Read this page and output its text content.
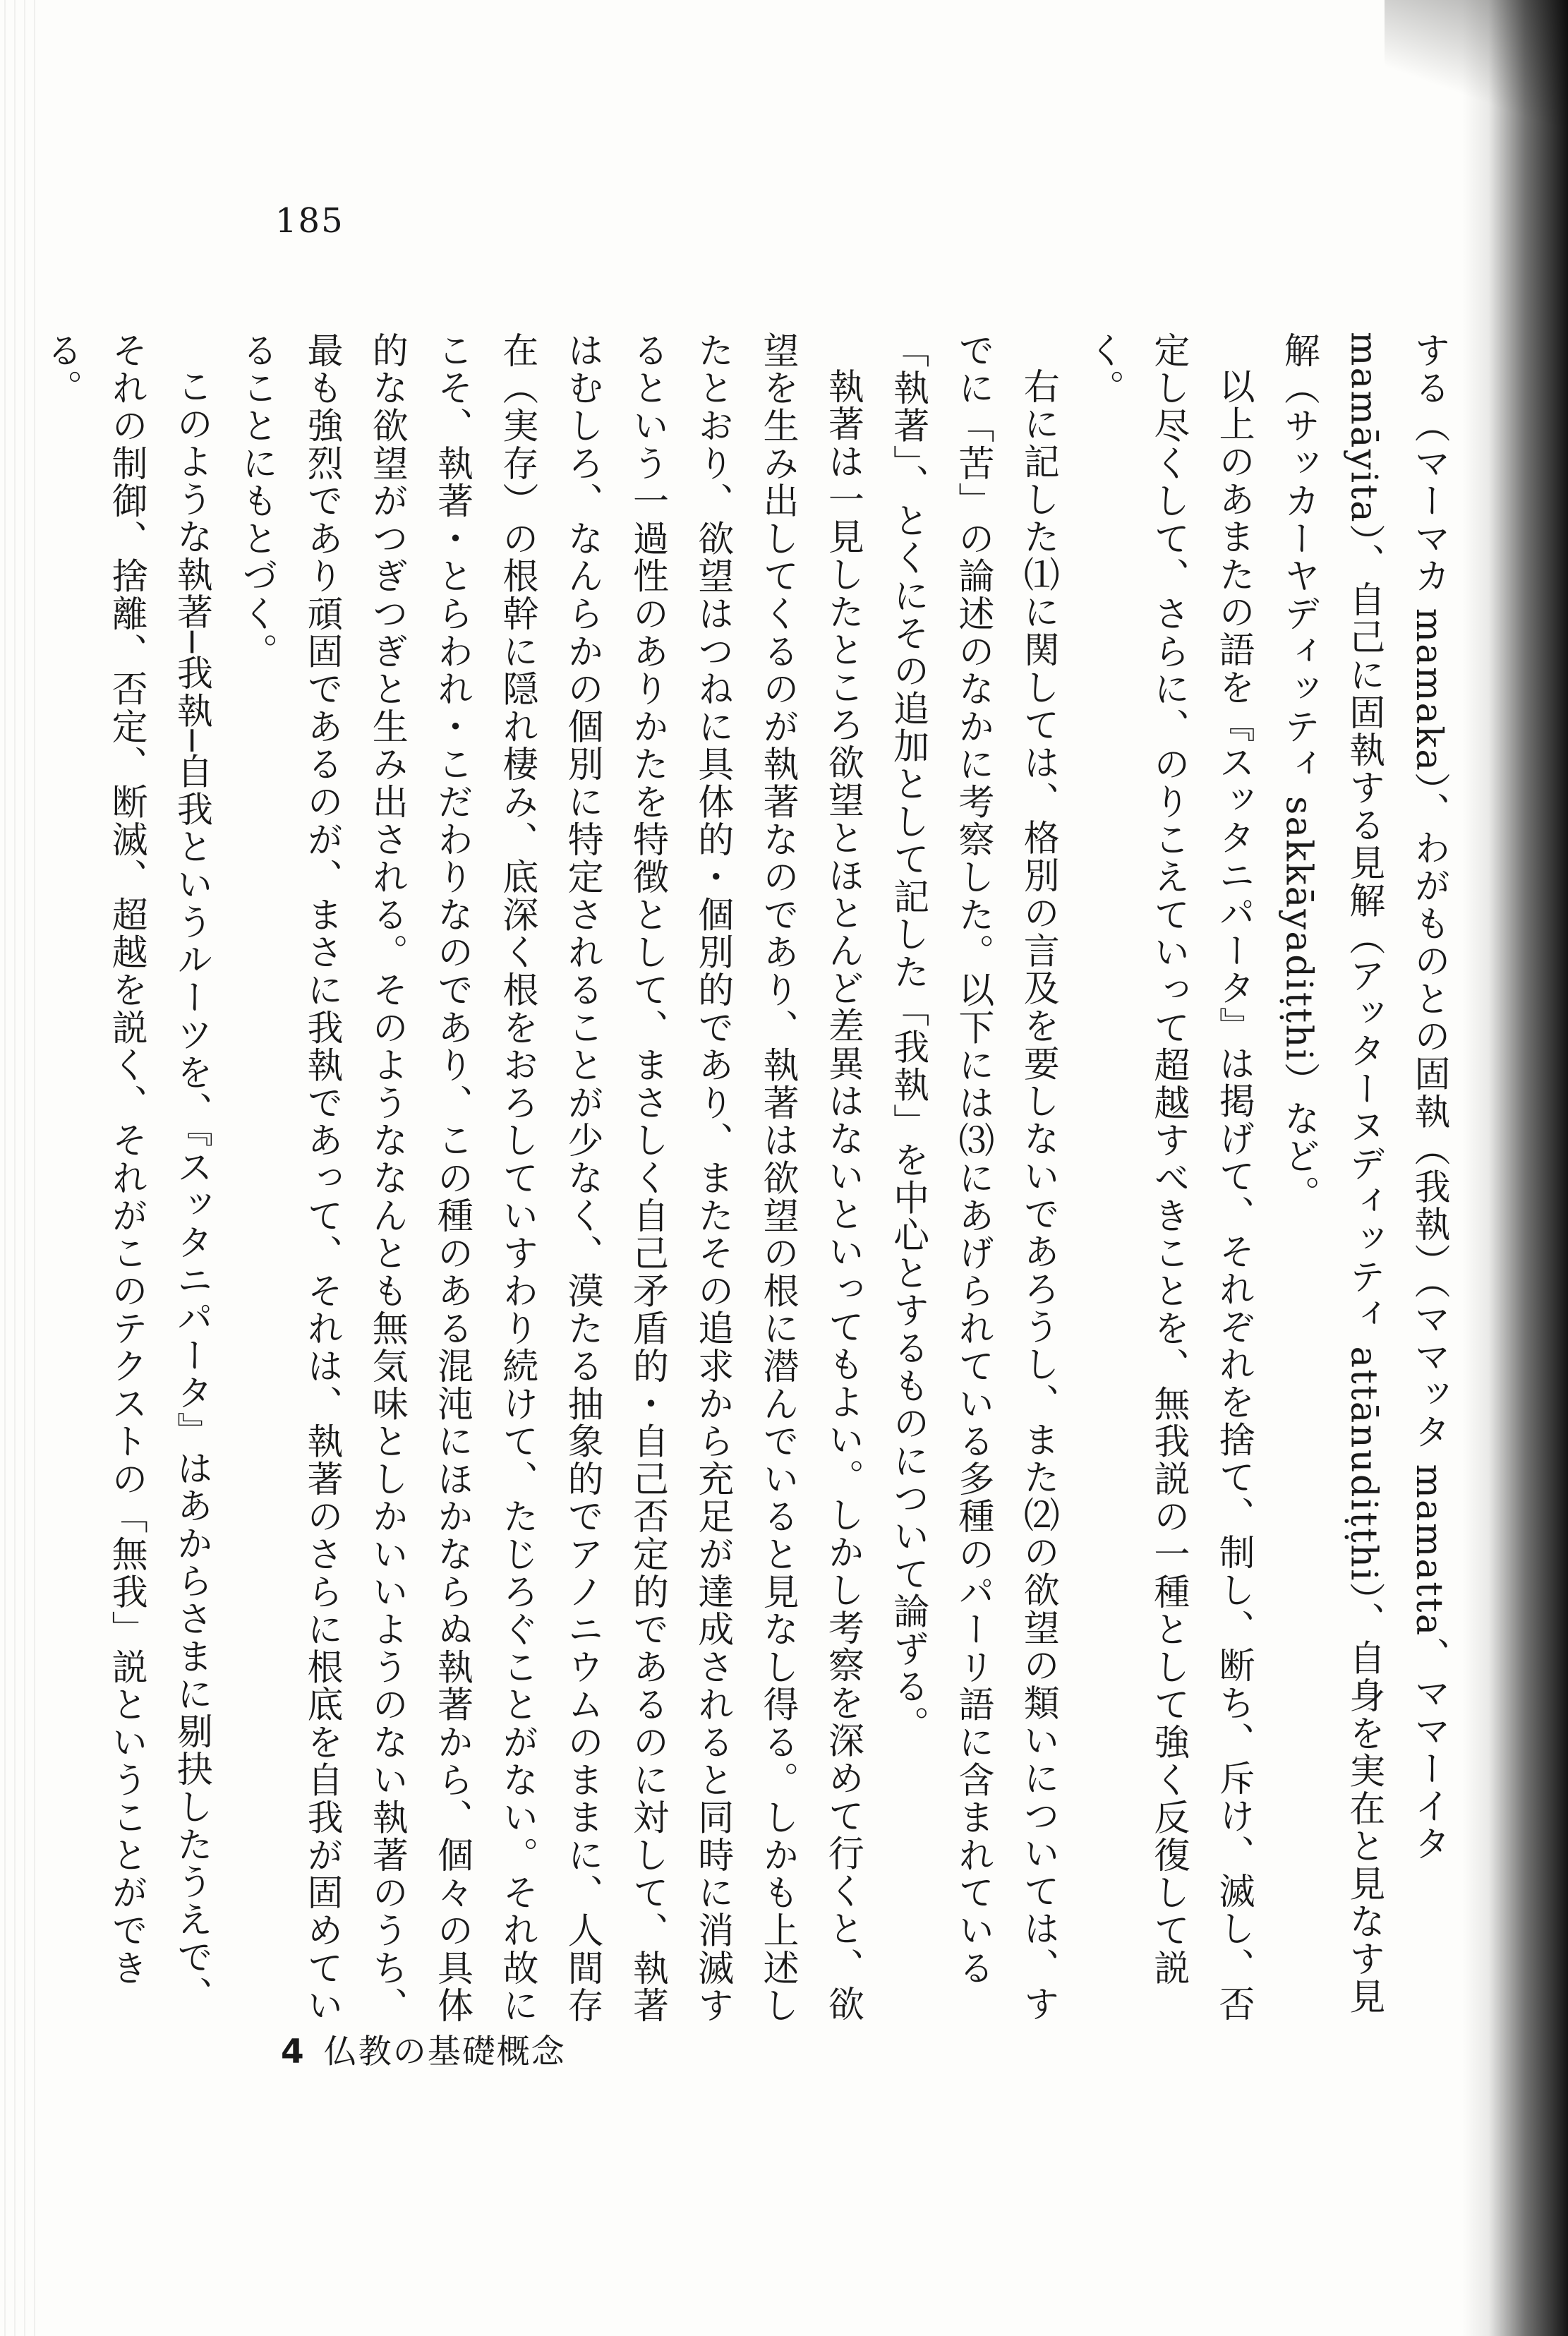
185

する（マーマカ mamaka）、わがものとの固執（我執）（ママッタ mamatta、ママーイタ mamāyita）、自己に固執する見解（アッターヌディッティ attānudiṭṭhi）、自身を実在と見なす見解（サッカーヤディッティ sakkāyadiṭṭhi）など。

以上のあまたの語を『スッタニパータ』は掲げて、それぞれを捨て、制し、断ち、斥け、滅し、否定し尽くして、さらに、のりこえていって超越すべきことを、無我説の一種として強く反復して説く。

右に記した⑴に関しては、格別の言及を要しないであろうし、また⑵の欲望の類いについては、すでに「苦」の論述のなかに考察した。以下には⑶にあげられている多種のパーリ語に含まれている「執著」、とくにその追加として記した「我執」を中心とするものについて論ずる。

執著は一見したところ欲望とほとんど差異はないといってもよい。しかし考察を深めて行くと、欲望を生み出してくるのが執著なのであり、執著は欲望の根に潜んでいると見なし得る。しかも上述したとおり、欲望はつねに具体的・個別的であり、またその追求から充足が達成されると同時に消滅するという一過性のありかたを特徴として、まさしく自己矛盾的・自己否定的であるのに対して、執著はむしろ、なんらかの個別に特定されることが少なく、漠たる抽象的でアノニウムのままに、人間存在（実存）の根幹に隠れ棲み、底深く根をおろしていすわり続けて、たじろぐことがない。それ故にこそ、執著・とらわれ・こだわりなのであり、この種のある混沌にほかならぬ執著から、個々の具体的な欲望がつぎつぎと生み出される。そのようななんとも無気味としかいいようのない執著のうち、最も強烈であり頑固であるのが、まさに我執であって、それは、執著のさらに根底を自我が固めていることにもとづく。

このような執著─我執─自我というルーツを、『スッタニパータ』はあからさまに剔抉したうえで、それの制御、捨離、否定、断滅、超越を説く、それがこのテクストの「無我」説ということができる。

4 仏教の基礎概念
